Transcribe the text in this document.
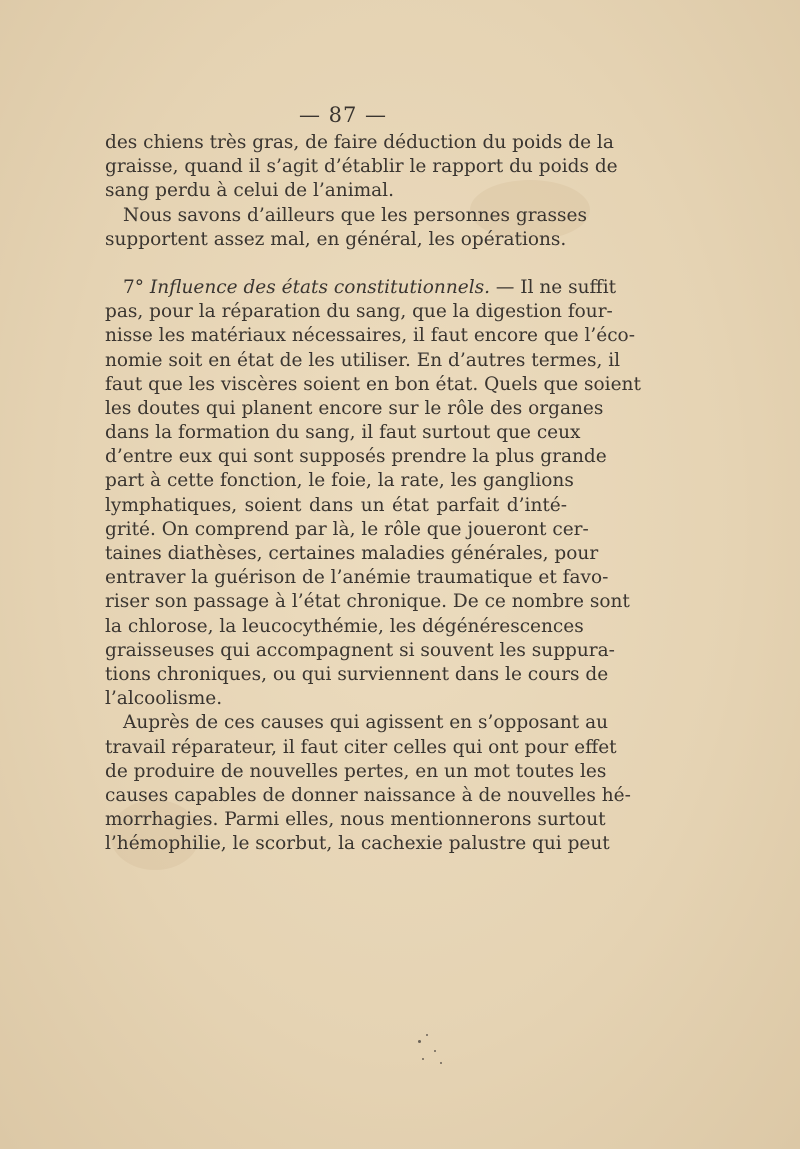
— 87 —
des chiens très gras, de faire déduction du poids de la
graisse, quand il s’agit d’établir le rapport du poids de
sang perdu à celui de l’animal.
Nous savons d’ailleurs que les personnes grasses
supportent assez mal, en général, les opérations.
7° Influence des états constitutionnels. — Il ne suffit
pas, pour la réparation du sang, que la digestion four-
nisse les matériaux nécessaires, il faut encore que l’éco-
nomie soit en état de les utiliser. En d’autres termes, il
faut que les viscères soient en bon état. Quels que soient
les doutes qui planent encore sur le rôle des organes
dans la formation du sang, il faut surtout que ceux
d’entre eux qui sont supposés prendre la plus grande
part à cette fonction, le foie, la rate, les ganglions
lymphatiques, soient dans un état parfait d’inté-
grité. On comprend par là, le rôle que joueront cer-
taines diathèses, certaines maladies générales, pour
entraver la guérison de l’anémie traumatique et favo-
riser son passage à l’état chronique. De ce nombre sont
la chlorose, la leucocythémie, les dégénérescences
graisseuses qui accompagnent si souvent les suppura-
tions chroniques, ou qui surviennent dans le cours de
l’alcoolisme.
Auprès de ces causes qui agissent en s’opposant au
travail réparateur, il faut citer celles qui ont pour effet
de produire de nouvelles pertes, en un mot toutes les
causes capables de donner naissance à de nouvelles hé-
morrhagies. Parmi elles, nous mentionnerons surtout
l’hémophilie, le scorbut, la cachexie palustre qui peut
